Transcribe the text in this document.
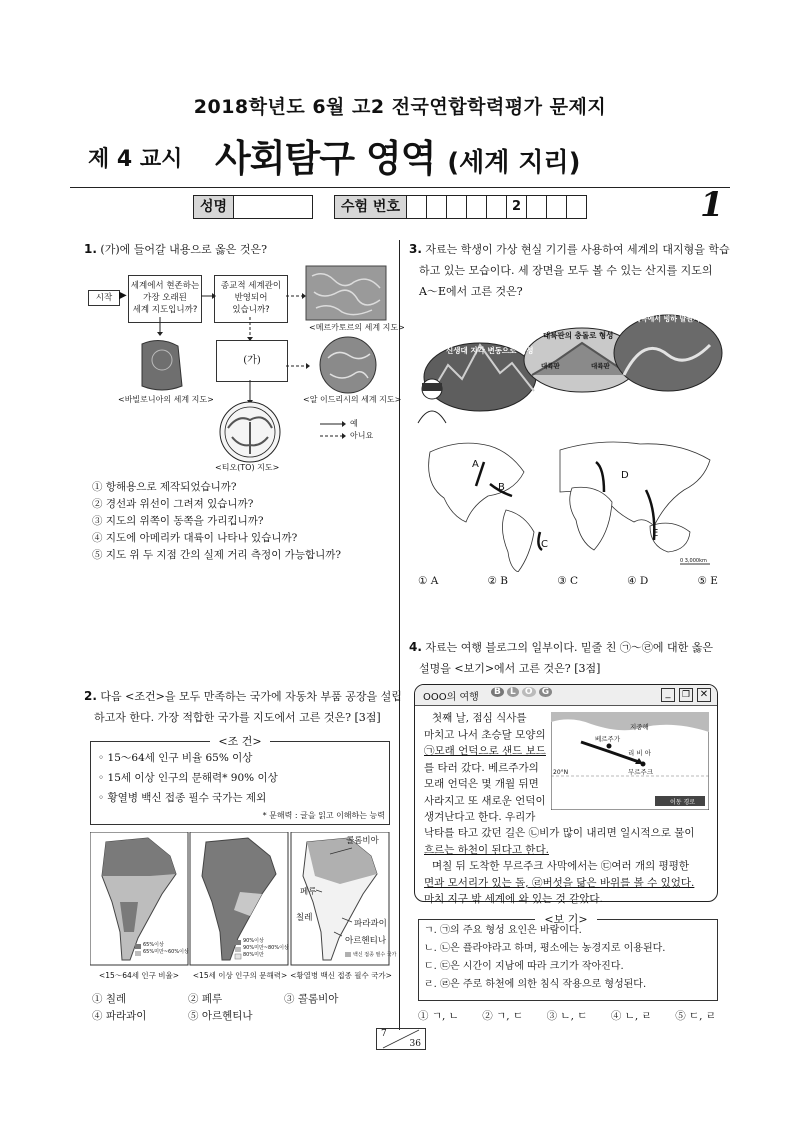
2018학년도 6월 고2 전국연합학력평가 문제지
제 4 교시 사회탐구 영역 (세계 지리)
성명	수험 번호	2	1
1. (가)에 들어갈 내용으로 옳은 것은?
시작 ▶
세계에서 현존하는
가장 오래된
세계 지도입니까?
종교적 세계관이
반영되어
있습니까?
(가)
<메르카토르의 세계 지도>
<바빌로니아의 세계 지도>	<알 이드리시의 세계 지도>
<티오(TO) 지도>
예
아니요
① 항해용으로 제작되었습니까?
② 경선과 위선이 그려져 있습니까?
③ 지도의 위쪽이 동쪽을 가리킵니까?
④ 지도에 아메리카 대륙이 나타나 있습니까?
⑤ 지도 위 두 지점 간의 실제 거리 측정이 가능합니까?
2. 다음 <조건>을 모두 만족하는 국가에 자동차 부품 공장을 설립
하고자 한다. 가장 적합한 국가를 지도에서 고른 것은? [3점]
<조 건>
◦ 15～64세 인구 비율 65% 이상
◦ 15세 이상 인구의 문해력* 90% 이상
◦ 황열병 백신 접종 필수 국가는 제외
* 문해력 : 글을 읽고 이해하는 능력
콜롬비아
페루
칠레
파라과이
아르헨티나
65%이상
65%미만~60%이상
90%이상
90%미만~80%이상
80%미만	백신 접종 필수 국가
<15～64세 인구 비율>	<15세 이상 인구의 문해력> <황열병 백신 접종 필수 국가>
① 칠레	② 페루	③ 콜롬비아
④ 파라과이	⑤ 아르헨티나
3. 자료는 학생이 가상 현실 기기를 사용하여 세계의 대지형을 학습
하고 있는 모습이다. 세 장면을 모두 볼 수 있는 산지를 지도의
A～E에서 고른 것은?
신생대 지각 변동으로 형성
대륙판의 충돌로 형성
대륙판	대륙판
계곡에서 빙하 발원지
A
B
C
D
E
0 3,000km
① A	② B	③ C	④ D	⑤ E
4. 자료는 여행 블로그의 일부이다. 밑줄 친 ㉠～㉣에 대한 옳은
설명을 <보기>에서 고른 것은? [3점]
OOO의 여행	B L O G	_	❐ ✕
첫째 날, 점심 식사를
마치고 나서 초승달 모양의
㉠모래 언덕으로 샌드 보드
를 타러 갔다. 베르주가의
모래 언덕은 몇 개월 뒤면
사라지고 또 새로운 언덕이
생겨난다고 한다. 우리가
지중해
베르주가
리 비 아
무르주크
20°N
이동 경로
낙타를 타고 갔던 길은 ㉡비가 많이 내리면 일시적으로 물이
흐르는 하천이 된다고 한다.
며칠 뒤 도착한 무르주크 사막에서는 ㉢여러 개의 평평한
면과 모서리가 있는 돌, ㉣버섯을 닮은 바위를 볼 수 있었다.
마치 지구 밖 세계에 와 있는 것 같았다.
<보 기>
ㄱ. ㉠의 주요 형성 요인은 바람이다.
ㄴ. ㉡은 플라야라고 하며, 평소에는 농경지로 이용된다.
ㄷ. ㉢은 시간이 지남에 따라 크기가 작아진다.
ㄹ. ㉣은 주로 하천에 의한 침식 작용으로 형성된다.
① ㄱ, ㄴ ② ㄱ, ㄷ ③ ㄴ, ㄷ ④ ㄴ, ㄹ ⑤ ㄷ, ㄹ
7
36
